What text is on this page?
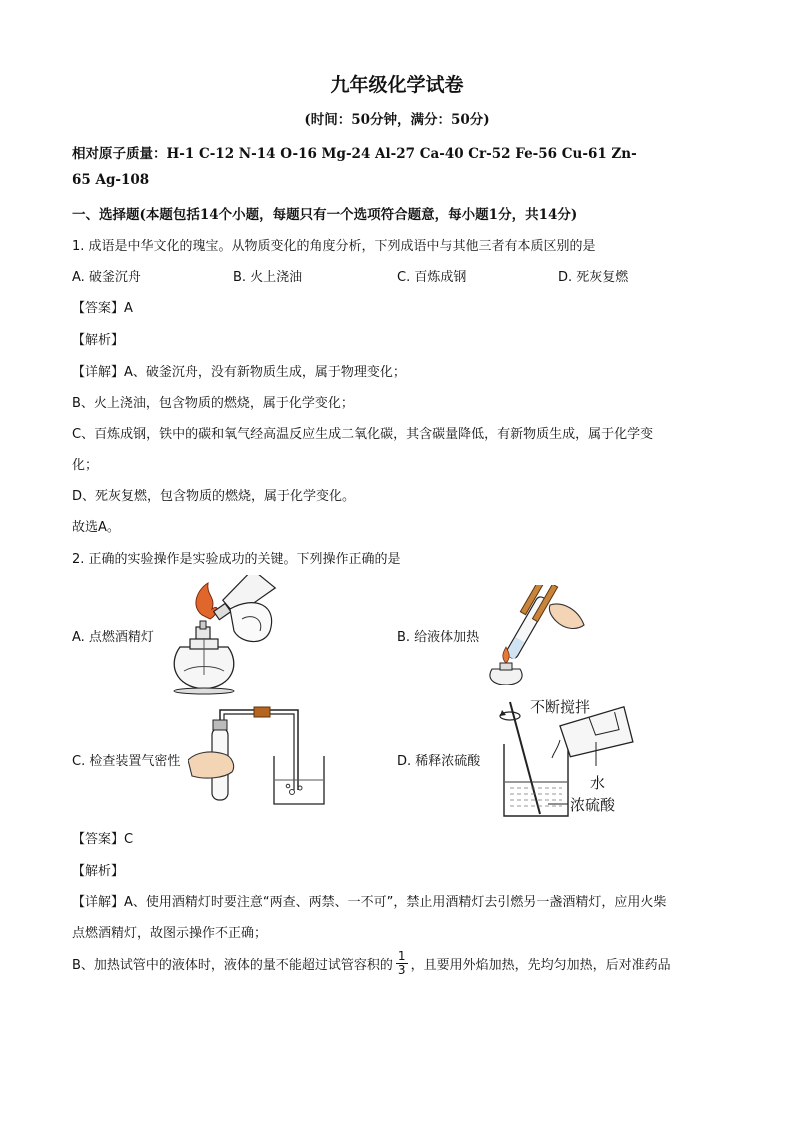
九年级化学试卷
(时间：50分钟，满分：50分)
相对原子质量：H-1 C-12 N-14 O-16 Mg-24 Al-27 Ca-40 Cr-52 Fe-56 Cu-61 Zn-
65 Ag-108
一、选择题(本题包括14个小题，每题只有一个选项符合题意，每小题1分，共14分)
1. 成语是中华文化的瑰宝。从物质变化的角度分析，下列成语中与其他三者有本质区别的是
A. 破釜沉舟	B. 火上浇油	C. 百炼成钢	D. 死灰复燃
【答案】A
【解析】
【详解】A、破釜沉舟，没有新物质生成，属于物理变化；
B、火上浇油，包含物质的燃烧，属于化学变化；
C、百炼成钢，铁中的碳和氧气经高温反应生成二氧化碳，其含碳量降低，有新物质生成，属于化学变
化；
D、死灰复燃，包含物质的燃烧，属于化学变化。
故选A。
2. 正确的实验操作是实验成功的关键。下列操作正确的是
A. 点燃酒精灯	B. 给液体加热
C. 检查装置气密性	D. 稀释浓硫酸
不断搅拌
水
浓硫酸
【答案】C
【解析】
【详解】A、使用酒精灯时要注意“两查、两禁、一不可”，禁止用酒精灯去引燃另一盏酒精灯，应用火柴
点燃酒精灯，故图示操作不正确；
B、加热试管中的液体时，液体的量不能超过试管容积的 $\frac{1}{3}$ ，且要用外焰加热，先均匀加热，后对准药品
